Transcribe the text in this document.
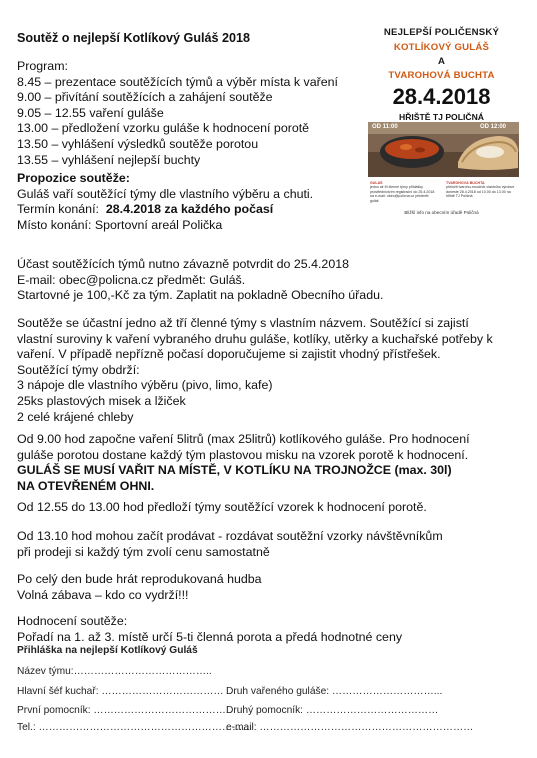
Soutěž o nejlepší Kotlíkový Guláš 2018
Program:
8.45 – prezentace soutěžících týmů a výběr místa k vaření
9.00 – přivítání soutěžících a zahájení soutěže
9.05 – 12.55 vaření guláše
13.00 – předložení vzorku guláše k hodnocení porotě
13.50 – vyhlášení výsledků soutěže porotou
13.55 – vyhlášení nejlepší buchty
Propozice soutěže:
Guláš vaří soutěžící týmy dle vlastního výběru a chuti.
Termín konání: 28.4.2018 za každého počasí
Místo konání: Sportovní areál Polička
NEJLEPŠÍ POLIČENSKÝ
KOTLÍKOVÝ GULÁŠ
A
TVAROHOVÁ BUCHTA
28.4.2018
HŘIŠTĚ TJ POLIČNÁ
OD 11:00	OD 12:00
GULÁŠ
jednu až tři členné týmy přihlášky prostřednictvím registrační do 25.4.2018 na e-mail: obec@policna.cz předmět: guláš
TVAROHOVÁ BUCHTA
přeložit tvarohu-moučník vlastního výrobce doneste 28.4.2018 od 10.00 do 13.00 na hřiště TJ Poličná
Bližší info na obecním úřadě Poličná
Účast soutěžících týmů nutno závazně potvrdit do 25.4.2018
E-mail: obec@policna.cz předmět: Guláš.
Startovné je 100,-Kč za tým. Zaplatit na pokladně Obecního úřadu.
Soutěže se účastní jedno až tří členné týmy s vlastním názvem. Soutěžící si zajistí
vlastní suroviny k vaření vybraného druhu guláše, kotlíky, utěrky a kuchařské potřeby k
vaření. V případě nepřízně počasí doporučujeme si zajistit vhodný přístřešek.
Soutěžící týmy obdrží:
3 nápoje dle vlastního výběru (pivo, limo, kafe)
25ks plastových misek a lžiček
2 celé krájené chleby
Od 9.00 hod započne vaření 5litrů (max 25litrů) kotlíkového guláše. Pro hodnocení
guláše porotou dostane každý tým plastovou misku na vzorek porotě k hodnocení.
GULÁŠ SE MUSÍ VAŘIT NA MÍSTĚ, V KOTLÍKU NA TROJNOŽCE (max. 30l)
NA OTEVŘENÉM OHNI.
Od 12.55 do 13.00 hod předloží týmy soutěžící vzorek k hodnocení porotě.
Od 13.10 hod mohou začít prodávat - rozdávat soutěžní vzorky návštěvníkům
při prodeji si každý tým zvolí cenu samostatně
Po celý den bude hrát reprodukovaná hudba
Volná zábava – kdo co vydrží!!!
Hodnocení soutěže:
Pořadí na 1. až 3. místě určí 5-ti členná porota a předá hodnotné ceny
Přihláška na nejlepší Kotlíkový Guláš
Název týmu:…………………………………..
Hlavní šéf kuchař: ……………………………… Druh vařeného guláše: …………………………...
První pomocník: ………………………………….
Druhý pomocník: …………………………………
Tel.: ………………………………………………………
e-mail: ………………………………………………………
